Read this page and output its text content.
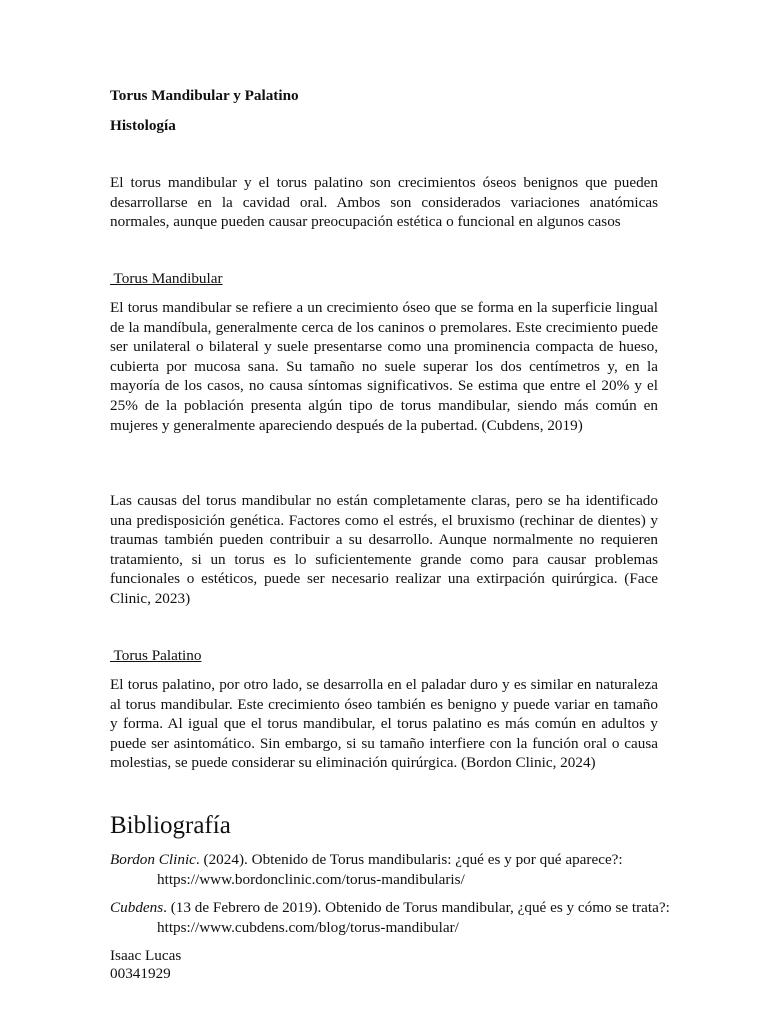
Torus Mandibular y Palatino

Histología

El torus mandibular y el torus palatino son crecimientos óseos benignos que pueden desarrollarse en la cavidad oral. Ambos son considerados variaciones anatómicas normales, aunque pueden causar preocupación estética o funcional en algunos casos

Torus Mandibular

El torus mandibular se refiere a un crecimiento óseo que se forma en la superficie lingual de la mandíbula, generalmente cerca de los caninos o premolares. Este crecimiento puede ser unilateral o bilateral y suele presentarse como una prominencia compacta de hueso, cubierta por mucosa sana. Su tamaño no suele superar los dos centímetros y, en la mayoría de los casos, no causa síntomas significativos. Se estima que entre el 20% y el 25% de la población presenta algún tipo de torus mandibular, siendo más común en mujeres y generalmente apareciendo después de la pubertad. (Cubdens, 2019)

Las causas del torus mandibular no están completamente claras, pero se ha identificado una predisposición genética. Factores como el estrés, el bruxismo (rechinar de dientes) y traumas también pueden contribuir a su desarrollo. Aunque normalmente no requieren tratamiento, si un torus es lo suficientemente grande como para causar problemas funcionales o estéticos, puede ser necesario realizar una extirpación quirúrgica. (Face Clinic, 2023)

Torus Palatino

El torus palatino, por otro lado, se desarrolla en el paladar duro y es similar en naturaleza al torus mandibular. Este crecimiento óseo también es benigno y puede variar en tamaño y forma. Al igual que el torus mandibular, el torus palatino es más común en adultos y puede ser asintomático. Sin embargo, si su tamaño interfiere con la función oral o causa molestias, se puede considerar su eliminación quirúrgica. (Bordon Clinic, 2024)

Bibliografía

Bordon Clinic. (2024). Obtenido de Torus mandibularis: ¿qué es y por qué aparece?: https://www.bordonclinic.com/torus-mandibularis/

Cubdens. (13 de Febrero de 2019). Obtenido de Torus mandibular, ¿qué es y cómo se trata?: https://www.cubdens.com/blog/torus-mandibular/

Isaac Lucas

00341929
